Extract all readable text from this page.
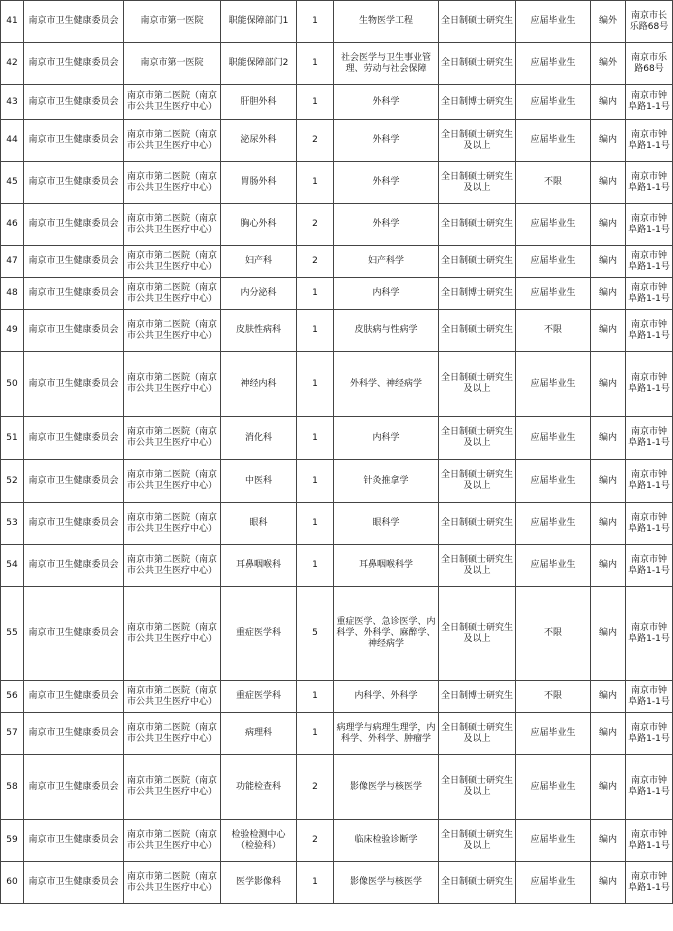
41	南京市卫生健康委员会	南京市第一医院	职能保障部门1	1	生物医学工程	全日制硕士研究生	应届毕业生	编外	南京市长乐路68号
42	南京市卫生健康委员会	南京市第一医院	职能保障部门2	1	社会医学与卫生事业管理、劳动与社会保障	全日制硕士研究生	应届毕业生	编外	南京市乐路68号
43	南京市卫生健康委员会	南京市第二医院（南京市公共卫生医疗中心）	肝胆外科	1	外科学	全日制博士研究生	应届毕业生	编内	南京市钟阜路1-1号
44	南京市卫生健康委员会	南京市第二医院（南京市公共卫生医疗中心）	泌尿外科	2	外科学	全日制硕士研究生及以上	应届毕业生	编内	南京市钟阜路1-1号
45	南京市卫生健康委员会	南京市第二医院（南京市公共卫生医疗中心）	胃肠外科	1	外科学	全日制硕士研究生及以上	不限	编内	南京市钟阜路1-1号
46	南京市卫生健康委员会	南京市第二医院（南京市公共卫生医疗中心）	胸心外科	2	外科学	全日制硕士研究生	应届毕业生	编内	南京市钟阜路1-1号
47	南京市卫生健康委员会	南京市第二医院（南京市公共卫生医疗中心）	妇产科	2	妇产科学	全日制硕士研究生	应届毕业生	编内	南京市钟阜路1-1号
48	南京市卫生健康委员会	南京市第二医院（南京市公共卫生医疗中心）	内分泌科	1	内科学	全日制博士研究生	应届毕业生	编内	南京市钟阜路1-1号
49	南京市卫生健康委员会	南京市第二医院（南京市公共卫生医疗中心）	皮肤性病科	1	皮肤病与性病学	全日制硕士研究生	不限	编内	南京市钟阜路1-1号
50	南京市卫生健康委员会	南京市第二医院（南京市公共卫生医疗中心）	神经内科	1	外科学、神经病学	全日制硕士研究生及以上	应届毕业生	编内	南京市钟阜路1-1号
51	南京市卫生健康委员会	南京市第二医院（南京市公共卫生医疗中心）	消化科	1	内科学	全日制硕士研究生及以上	应届毕业生	编内	南京市钟阜路1-1号
52	南京市卫生健康委员会	南京市第二医院（南京市公共卫生医疗中心）	中医科	1	针灸推拿学	全日制硕士研究生及以上	应届毕业生	编内	南京市钟阜路1-1号
53	南京市卫生健康委员会	南京市第二医院（南京市公共卫生医疗中心）	眼科	1	眼科学	全日制硕士研究生	应届毕业生	编内	南京市钟阜路1-1号
54	南京市卫生健康委员会	南京市第二医院（南京市公共卫生医疗中心）	耳鼻咽喉科	1	耳鼻咽喉科学	全日制硕士研究生及以上	应届毕业生	编内	南京市钟阜路1-1号
55	南京市卫生健康委员会	南京市第二医院（南京市公共卫生医疗中心）	重症医学科	5	重症医学、急诊医学、内科学、外科学、麻醉学、神经病学	全日制硕士研究生及以上	不限	编内	南京市钟阜路1-1号
56	南京市卫生健康委员会	南京市第二医院（南京市公共卫生医疗中心）	重症医学科	1	内科学、外科学	全日制博士研究生	不限	编内	南京市钟阜路1-1号
57	南京市卫生健康委员会	南京市第二医院（南京市公共卫生医疗中心）	病理科	1	病理学与病理生理学，内科学、外科学、肿瘤学	全日制硕士研究生及以上	应届毕业生	编内	南京市钟阜路1-1号
58	南京市卫生健康委员会	南京市第二医院（南京市公共卫生医疗中心）	功能检查科	2	影像医学与核医学	全日制硕士研究生及以上	应届毕业生	编内	南京市钟阜路1-1号
59	南京市卫生健康委员会	南京市第二医院（南京市公共卫生医疗中心）	检验检测中心（检验科）	2	临床检验诊断学	全日制硕士研究生及以上	应届毕业生	编内	南京市钟阜路1-1号
60	南京市卫生健康委员会	南京市第二医院（南京市公共卫生医疗中心）	医学影像科	1	影像医学与核医学	全日制硕士研究生	应届毕业生	编内	南京市钟阜路1-1号
